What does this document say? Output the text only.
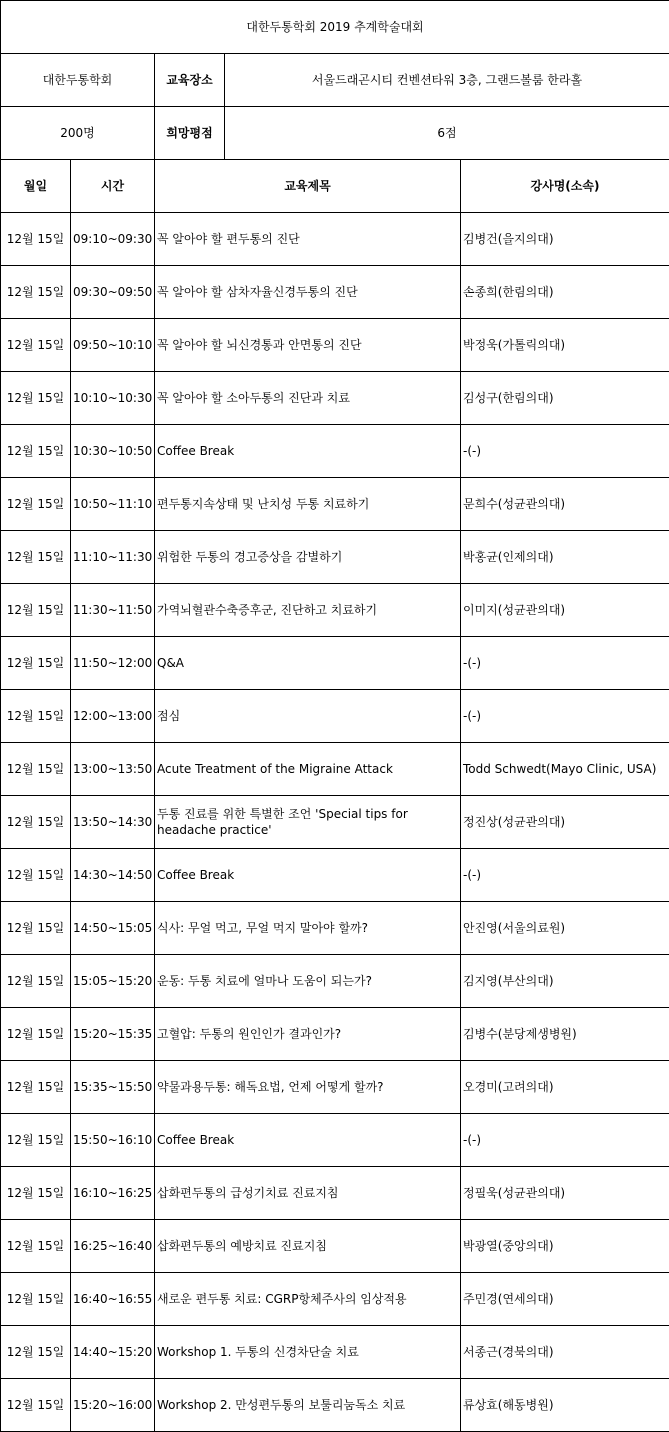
대한두통학회 2019 추계학술대회				
대한두통학회		교육장소	서울드래곤시티 컨벤션타워 3층, 그랜드볼룸 한라홀	
200명		희망평점	6점	
월일	시간	교육제목		강사명(소속)
12월 15일	09:10~09:30	꼭 알아야 할 편두통의 진단		김병건(을지의대)
12월 15일	09:30~09:50	꼭 알아야 할 삼차자율신경두통의 진단		손종희(한림의대)
12월 15일	09:50~10:10	꼭 알아야 할 뇌신경통과 안면통의 진단		박정욱(가톨릭의대)
12월 15일	10:10~10:30	꼭 알아야 할 소아두통의 진단과 치료		김성구(한림의대)
12월 15일	10:30~10:50	Coffee Break		-(-)
12월 15일	10:50~11:10	편두통지속상태 및 난치성 두통 치료하기		문희수(성균관의대)
12월 15일	11:10~11:30	위험한 두통의 경고증상을 감별하기		박홍균(인제의대)
12월 15일	11:30~11:50	가역뇌혈관수축증후군, 진단하고 치료하기		이미지(성균관의대)
12월 15일	11:50~12:00	Q&A		-(-)
12월 15일	12:00~13:00	점심		-(-)
12월 15일	13:00~13:50	Acute Treatment of the Migraine Attack		Todd Schwedt(Mayo Clinic, USA)
12월 15일	13:50~14:30	두통 진료를 위한 특별한 조언 'Special tips for headache practice'		정진상(성균관의대)
12월 15일	14:30~14:50	Coffee Break		-(-)
12월 15일	14:50~15:05	식사: 무얼 먹고, 무얼 먹지 말아야 할까?		안진영(서울의료원)
12월 15일	15:05~15:20	운동: 두통 치료에 얼마나 도움이 되는가?		김지영(부산의대)
12월 15일	15:20~15:35	고혈압: 두통의 원인인가 결과인가?		김병수(분당제생병원)
12월 15일	15:35~15:50	약물과용두통: 해독요법, 언제 어떻게 할까?		오경미(고려의대)
12월 15일	15:50~16:10	Coffee Break		-(-)
12월 15일	16:10~16:25	삽화편두통의 급성기치료 진료지침		정필욱(성균관의대)
12월 15일	16:25~16:40	삽화편두통의 예방치료 진료지침		박광열(중앙의대)
12월 15일	16:40~16:55	새로운 편두통 치료: CGRP항체주사의 임상적용		주민경(연세의대)
12월 15일	14:40~15:20	Workshop 1. 두통의 신경차단술 치료		서종근(경북의대)
12월 15일	15:20~16:00	Workshop 2. 만성편두통의 보툴리눔독소 치료		류상효(해동병원)
